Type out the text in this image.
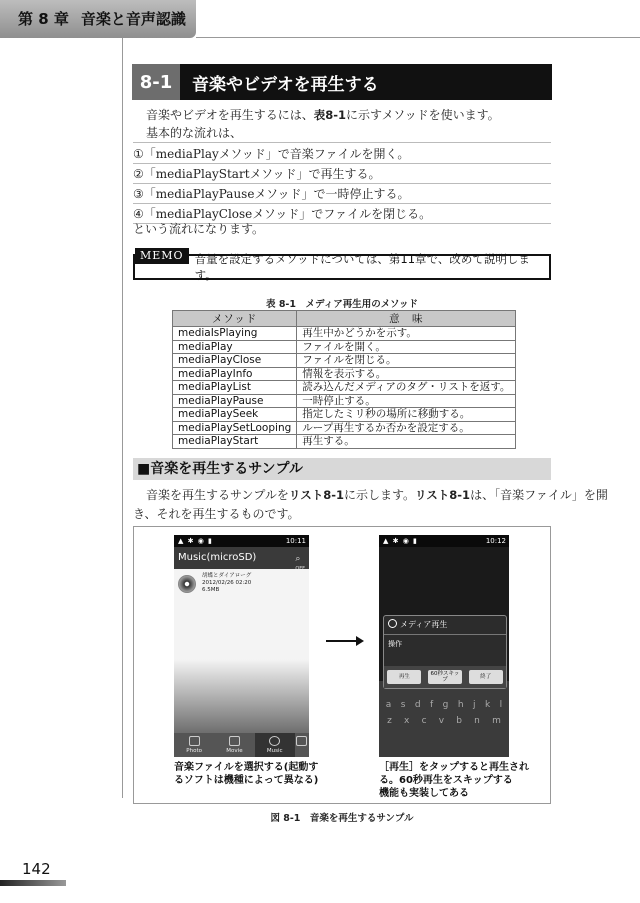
第 8 章 音楽と音声認識
8-1	音楽やビデオを再生する
音楽やビデオを再生するには、表8-1に示すメソッドを使います。
基本的な流れは、
①「mediaPlayメソッド」で音楽ファイルを開く。
②「mediaPlayStartメソッド」で再生する。
③「mediaPlayPauseメソッド」で一時停止する。
④「mediaPlayCloseメソッド」でファイルを閉じる。
という流れになります。
MEMO 音量を設定するメソッドについては、第11章で、改めて説明します。
表 8-1　メディア再生用のメソッド
メソッド	意　味
mediaIsPlaying	再生中かどうかを示す。
mediaPlay	ファイルを開く。
mediaPlayClose	ファイルを閉じる。
mediaPlayInfo	情報を表示する。
mediaPlayList	読み込んだメディアのタグ・リストを返す。
mediaPlayPause	一時停止する。
mediaPlaySeek	指定したミリ秒の場所に移動する。
mediaPlaySetLooping	ループ再生するか否かを設定する。
mediaPlayStart	再生する。
■音楽を再生するサンプル
音楽を再生するサンプルをリスト8-1に示します。リスト8-1は、「音楽ファイル」を開
き、それを再生するものです。
▲ ✱ ◉ ▮	10:11
Music(microSD)	⌕
胡蝶とダイアローグ
2012/02/26 02:20
6.5MB
Photo	Movie	Music
▲ ✱ ◉ ▮	10:12
a s d f g h j k l
z x c v b n m
メディア再生
操作
再生	60秒スキップ	終了
音楽ファイルを選択する(起動す
るソフトは機種によって異なる)
［再生］をタップすると再生され
る。60秒再生をスキップする
機能も実装してある
図 8-1　音楽を再生するサンプル
142
